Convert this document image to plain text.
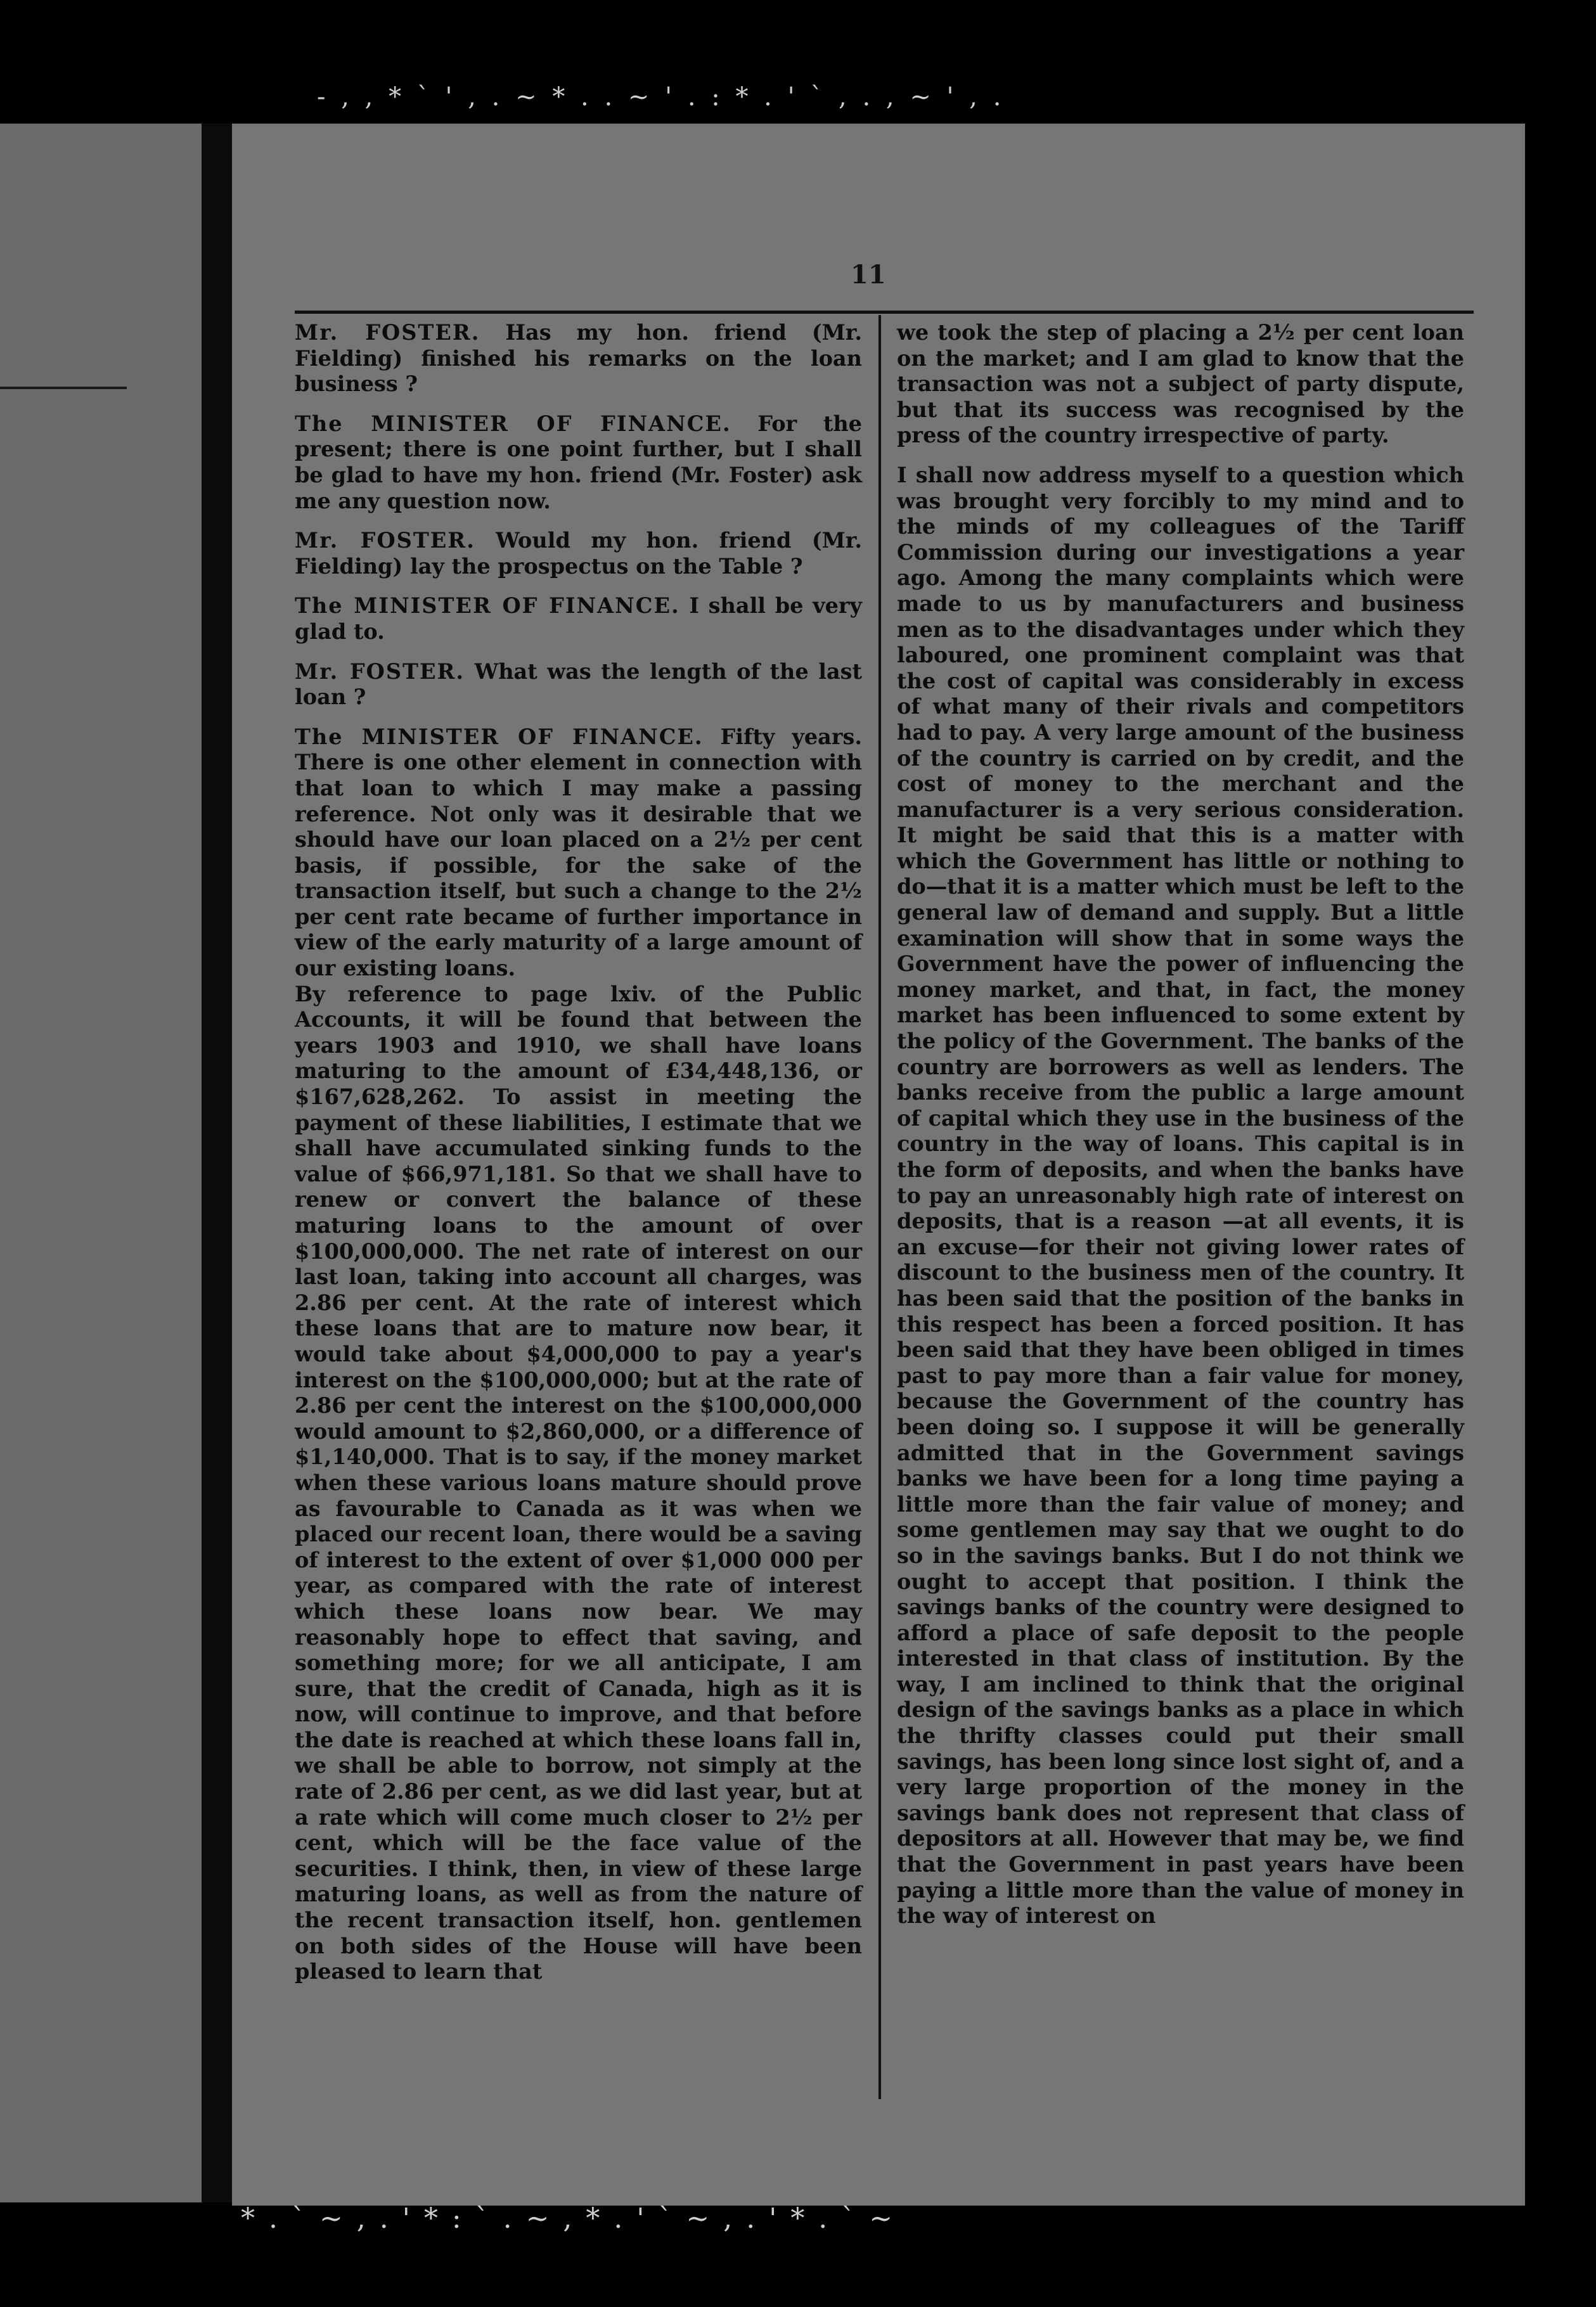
- , , * ` ' , . ~ * . . ~ ' . : * . ' ` , . , ~ ' , .
11

Mr. FOSTER. Has my hon. friend (Mr. Fielding) finished his remarks on the loan business ?

The MINISTER OF FINANCE. For the present; there is one point further, but I shall be glad to have my hon. friend (Mr. Foster) ask me any question now.

Mr. FOSTER. Would my hon. friend (Mr. Fielding) lay the prospectus on the Table ?

The MINISTER OF FINANCE. I shall be very glad to.

Mr. FOSTER. What was the length of the last loan ?

The MINISTER OF FINANCE. Fifty years. There is one other element in connection with that loan to which I may make a passing reference. Not only was it desirable that we should have our loan placed on a 2½ per cent basis, if possible, for the sake of the transaction itself, but such a change to the 2½ per cent rate became of further importance in view of the early maturity of a large amount of our existing loans.

By reference to page lxiv. of the Public Accounts, it will be found that between the years 1903 and 1910, we shall have loans maturing to the amount of £34,448,136, or $167,628,262. To assist in meeting the payment of these liabilities, I estimate that we shall have accumulated sinking funds to the value of $66,971,181. So that we shall have to renew or convert the balance of these maturing loans to the amount of over $100,000,000. The net rate of interest on our last loan, taking into account all charges, was 2.86 per cent. At the rate of interest which these loans that are to mature now bear, it would take about $4,000,000 to pay a year's interest on the $100,000,000; but at the rate of 2.86 per cent the interest on the $100,000,000 would amount to $2,860,000, or a difference of $1,140,000. That is to say, if the money market when these various loans mature should prove as favourable to Canada as it was when we placed our recent loan, there would be a saving of interest to the extent of over $1,000 000 per year, as compared with the rate of interest which these loans now bear. We may reasonably hope to effect that saving, and something more; for we all anticipate, I am sure, that the credit of Canada, high as it is now, will continue to improve, and that before the date is reached at which these loans fall in, we shall be able to borrow, not simply at the rate of 2.86 per cent, as we did last year, but at a rate which will come much closer to 2½ per cent, which will be the face value of the securities. I think, then, in view of these large maturing loans, as well as from the nature of the recent transaction itself, hon. gentlemen on both sides of the House will have been pleased to learn that

we took the step of placing a 2½ per cent loan on the market; and I am glad to know that the transaction was not a subject of party dispute, but that its success was recognised by the press of the country irrespective of party.

I shall now address myself to a question which was brought very forcibly to my mind and to the minds of my colleagues of the Tariff Commission during our investigations a year ago. Among the many complaints which were made to us by manufacturers and business men as to the disadvantages under which they laboured, one prominent complaint was that the cost of capital was considerably in excess of what many of their rivals and competitors had to pay. A very large amount of the business of the country is carried on by credit, and the cost of money to the merchant and the manufacturer is a very serious consideration. It might be said that this is a matter with which the Government has little or nothing to do—that it is a matter which must be left to the general law of demand and supply. But a little examination will show that in some ways the Government have the power of influencing the money market, and that, in fact, the money market has been influenced to some extent by the policy of the Government. The banks of the country are borrowers as well as lenders. The banks receive from the public a large amount of capital which they use in the business of the country in the way of loans. This capital is in the form of deposits, and when the banks have to pay an unreasonably high rate of interest on deposits, that is a reason —at all events, it is an excuse—for their not giving lower rates of discount to the business men of the country. It has been said that the position of the banks in this respect has been a forced position. It has been said that they have been obliged in times past to pay more than a fair value for money, because the Government of the country has been doing so. I suppose it will be generally admitted that in the Government savings banks we have been for a long time paying a little more than the fair value of money; and some gentlemen may say that we ought to do so in the savings banks. But I do not think we ought to accept that position. I think the savings banks of the country were designed to afford a place of safe deposit to the people interested in that class of institution. By the way, I am inclined to think that the original design of the savings banks as a place in which the thrifty classes could put their small savings, has been long since lost sight of, and a very large proportion of the money in the savings bank does not represent that class of depositors at all. However that may be, we find that the Government in past years have been paying a little more than the value of money in the way of interest on

* . ` ~ , . ' * : ` . ~ , * . ' ` ~ , . ' * . ` ~
